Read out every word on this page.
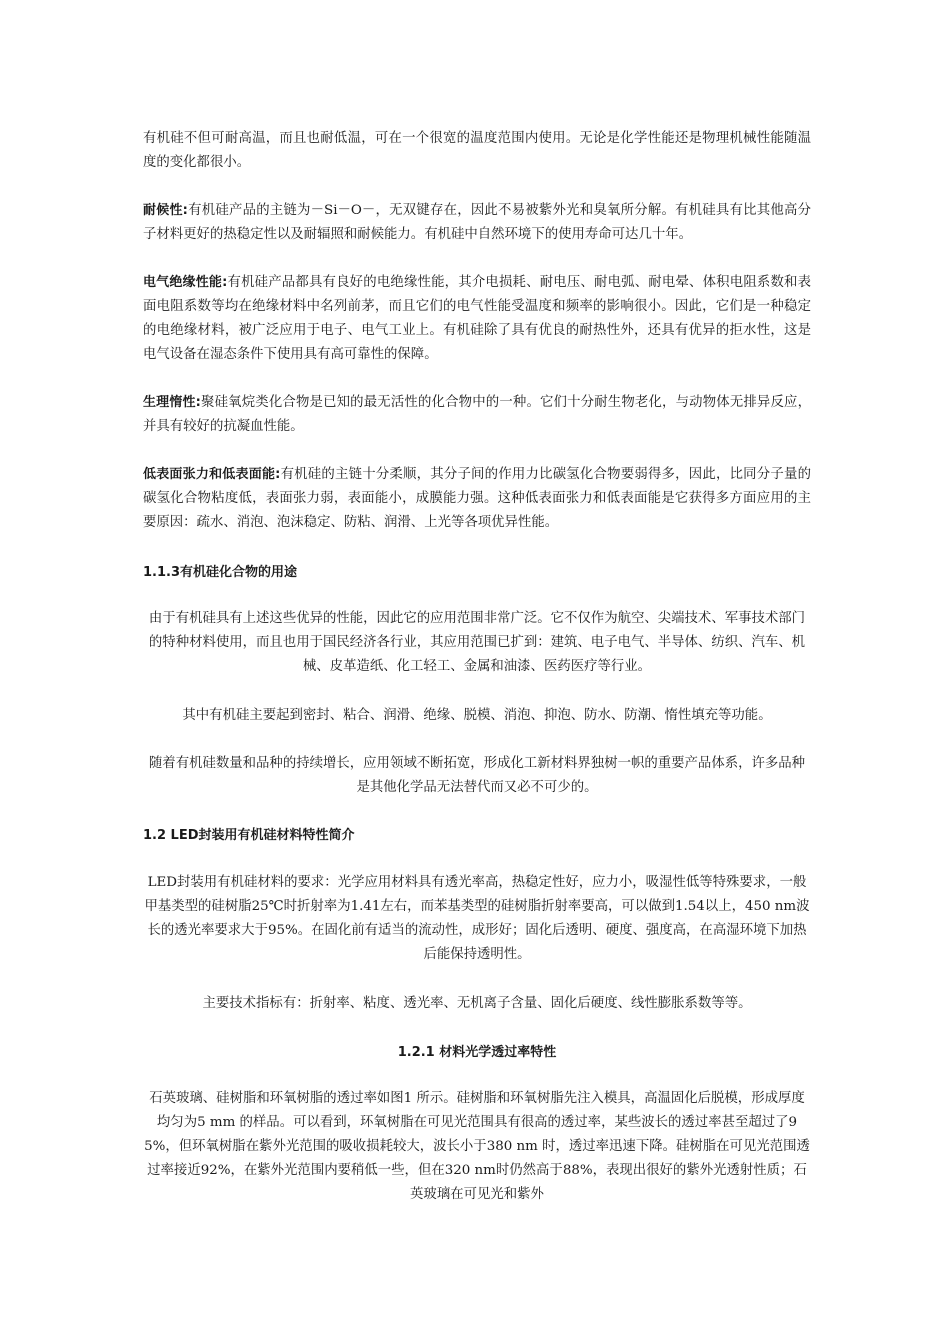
有机硅不但可耐高温，而且也耐低温，可在一个很宽的温度范围内使用。无论是化学性能还是物理机械性能随温度的变化都很小。
耐候性:有机硅产品的主链为－Si－O－，无双键存在，因此不易被紫外光和臭氧所分解。有机硅具有比其他高分子材料更好的热稳定性以及耐辐照和耐候能力。有机硅中自然环境下的使用寿命可达几十年。
电气绝缘性能:有机硅产品都具有良好的电绝缘性能，其介电损耗、耐电压、耐电弧、耐电晕、体积电阻系数和表面电阻系数等均在绝缘材料中名列前茅，而且它们的电气性能受温度和频率的影响很小。因此，它们是一种稳定的电绝缘材料，被广泛应用于电子、电气工业上。有机硅除了具有优良的耐热性外，还具有优异的拒水性，这是电气设备在湿态条件下使用具有高可靠性的保障。
生理惰性:聚硅氧烷类化合物是已知的最无活性的化合物中的一种。它们十分耐生物老化，与动物体无排异反应，并具有较好的抗凝血性能。
低表面张力和低表面能:有机硅的主链十分柔顺，其分子间的作用力比碳氢化合物要弱得多，因此，比同分子量的碳氢化合物粘度低，表面张力弱，表面能小，成膜能力强。这种低表面张力和低表面能是它获得多方面应用的主要原因：疏水、消泡、泡沫稳定、防粘、润滑、上光等各项优异性能。
1.1.3有机硅化合物的用途
由于有机硅具有上述这些优异的性能，因此它的应用范围非常广泛。它不仅作为航空、尖端技术、军事技术部门的特种材料使用，而且也用于国民经济各行业，其应用范围已扩到：建筑、电子电气、半导体、纺织、汽车、机械、皮革造纸、化工轻工、金属和油漆、医药医疗等行业。
其中有机硅主要起到密封、粘合、润滑、绝缘、脱模、消泡、抑泡、防水、防潮、惰性填充等功能。
随着有机硅数量和品种的持续增长，应用领域不断拓宽，形成化工新材料界独树一帜的重要产品体系，许多品种是其他化学品无法替代而又必不可少的。
1.2 LED封装用有机硅材料特性简介
LED封装用有机硅材料的要求：光学应用材料具有透光率高，热稳定性好，应力小，吸湿性低等特殊要求，一般甲基类型的硅树脂25℃时折射率为1.41左右，而苯基类型的硅树脂折射率要高，可以做到1.54以上，450 nm波长的透光率要求大于95%。在固化前有适当的流动性，成形好；固化后透明、硬度、强度高，在高湿环境下加热后能保持透明性。
主要技术指标有：折射率、粘度、透光率、无机离子含量、固化后硬度、线性膨胀系数等等。
1.2.1 材料光学透过率特性
石英玻璃、硅树脂和环氧树脂的透过率如图1 所示。硅树脂和环氧树脂先注入模具，高温固化后脱模，形成厚度均匀为5 mm 的样品。可以看到，环氧树脂在可见光范围具有很高的透过率，某些波长的透过率甚至超过了95%，但环氧树脂在紫外光范围的吸收损耗较大，波长小于380 nm 时，透过率迅速下降。硅树脂在可见光范围透过率接近92%，在紫外光范围内要稍低一些，但在320 nm时仍然高于88%，表现出很好的紫外光透射性质；石英玻璃在可见光和紫外
